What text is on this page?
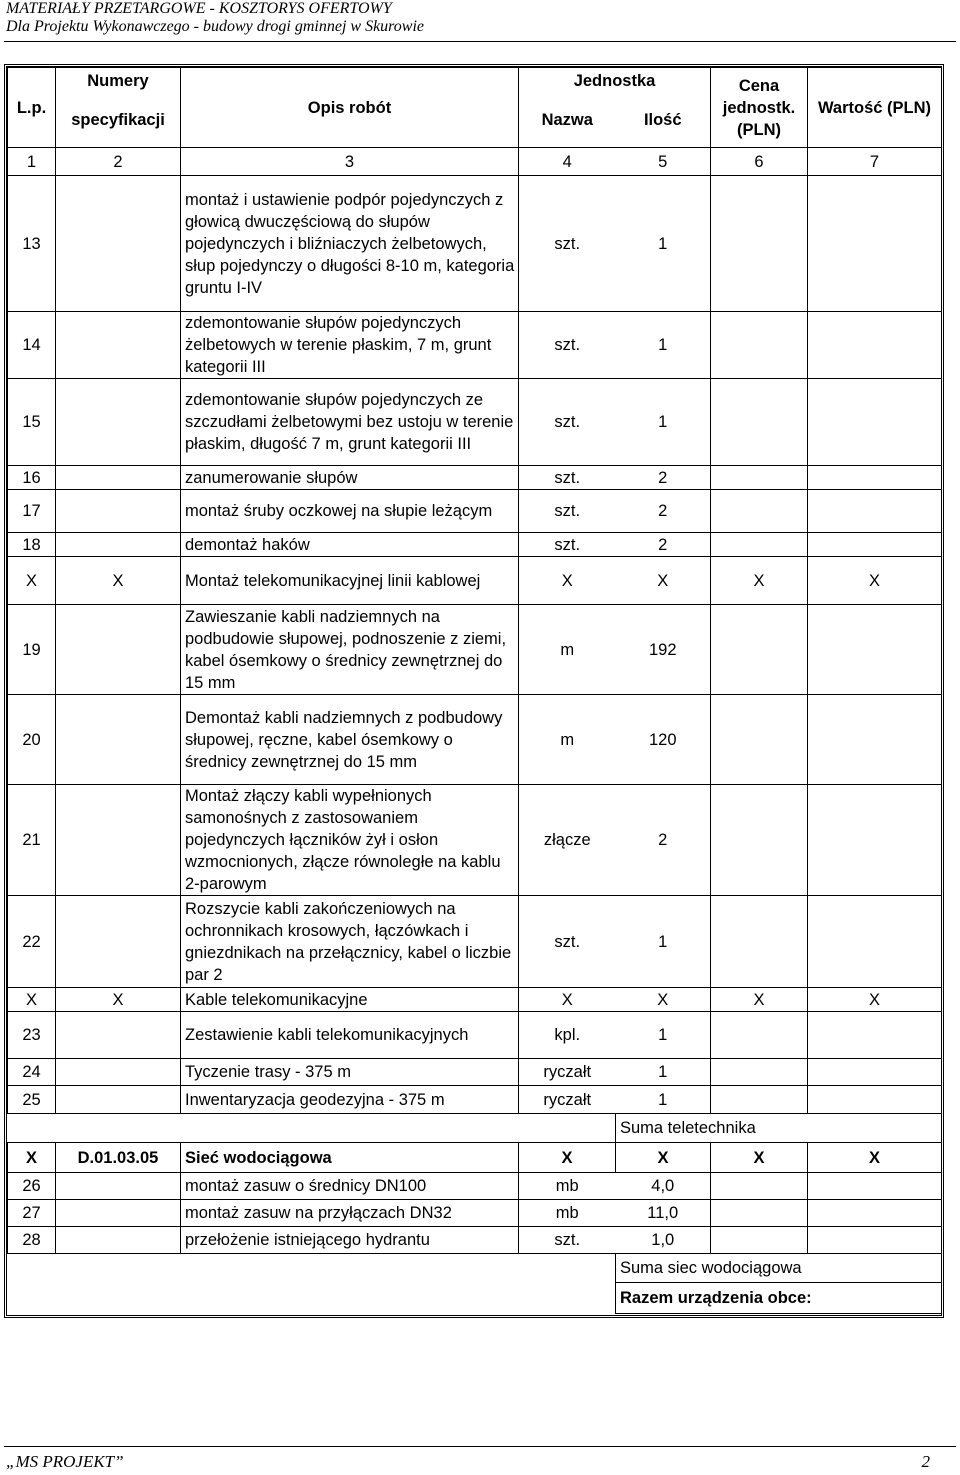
MATERIAŁY PRZETARGOWE - KOSZTORYS OFERTOWY
Dla Projektu Wykonawczego - budowy drogi gminnej w Skurowie
L.p.	Numery	Opis robót	Jednostka		Cena jednostk. (PLN)	Wartość (PLN)
	specyfikacji		Nazwa	Ilość		
1	2	3	4	5	6	7
13		montaż i ustawienie podpór pojedynczych z głowicą dwuczęściową do słupów pojedynczych i bliźniaczych żelbetowych, słup pojedynczy o długości 8-10 m, kategoria gruntu I-IV	szt.	1		
14		zdemontowanie słupów pojedynczych żelbetowych w terenie płaskim, 7 m, grunt kategorii III	szt.	1		
15		zdemontowanie słupów pojedynczych ze szczudłami żelbetowymi bez ustoju w terenie płaskim, długość 7 m, grunt kategorii III	szt.	1		
16		zanumerowanie słupów	szt.	2		
17		montaż śruby oczkowej na słupie leżącym	szt.	2		
18		demontaż haków	szt.	2		
X	X	Montaż telekomunikacyjnej linii kablowej	X	X	X	X
19		Zawieszanie kabli nadziemnych na podbudowie słupowej, podnoszenie z ziemi, kabel ósemkowy o średnicy zewnętrznej do 15 mm	m	192		
20		Demontaż kabli nadziemnych z podbudowy słupowej, ręczne, kabel ósemkowy o średnicy zewnętrznej do 15 mm	m	120		
21		Montaż złączy kabli wypełnionych samonośnych z zastosowaniem pojedynczych łączników żył i osłon wzmocnionych, złącze równoległe na kablu 2-parowym	złącze	2		
22		Rozszycie kabli zakończeniowych na ochronnikach krosowych, łączówkach i gniezdnikach na przełącznicy, kabel o liczbie par 2	szt.	1		
X	X	Kable telekomunikacyjne	X	X	X	X
23		Zestawienie kabli telekomunikacyjnych	kpl.	1		
24		Tyczenie trasy - 375 m	ryczałt	1		
25		Inwentaryzacja geodezyjna - 375 m	ryczałt	1		
				Suma teletechnika		
X	D.01.03.05	Sieć wodociągowa	X	X	X	X
26		montaż zasuw o średnicy DN100	mb	4,0		
27		montaż zasuw na przyłączach DN32	mb	11,0		
28		przełożenie istniejącego hydrantu	szt.	1,0		
				Suma siec wodociągowa		
				Razem urządzenia obce:		
„MS PROJEKT”	2
